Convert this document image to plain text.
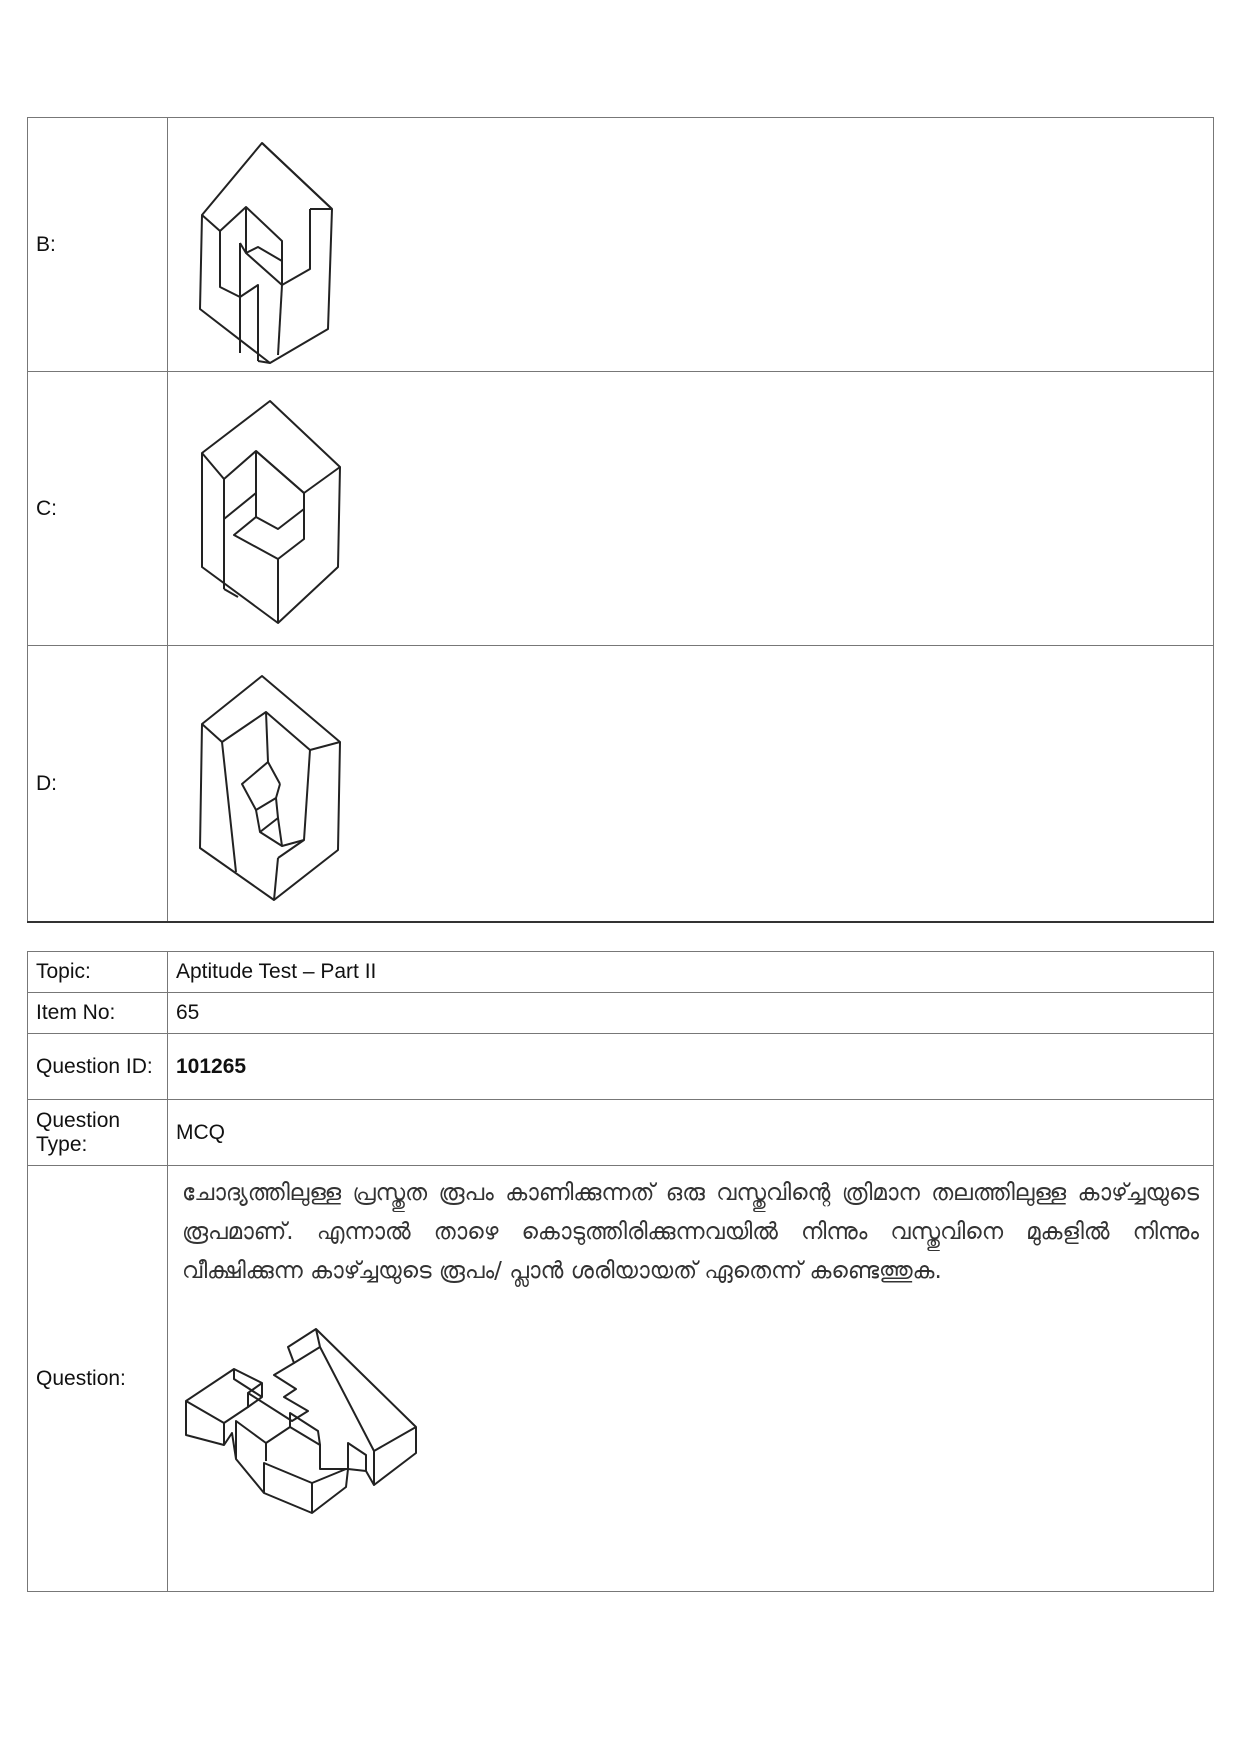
B:	

C:	

D:	
Topic:	Aptitude Test – Part II
Item No:	65
Question ID:	101265
Question Type:	MCQ
Question:	ചോദ്യത്തിലുള്ള പ്രസ്തുത രൂപം കാണിക്കുന്നത് ഒരു വസ്തുവിന്റെ ത്രിമാന തലത്തിലുള്ള കാഴ്ച്ചയുടെ രൂപമാണ്. എന്നാൽ താഴെ കൊടുത്തിരിക്കുന്നവയിൽ നിന്നും വസ്തുവിനെ മുകളിൽ നിന്നും വീക്ഷിക്കുന്ന കാഴ്ച്ചയുടെ രൂപം/ പ്ലാൻ ശരിയായത് ഏതെന്ന് കണ്ടെത്തുക.
